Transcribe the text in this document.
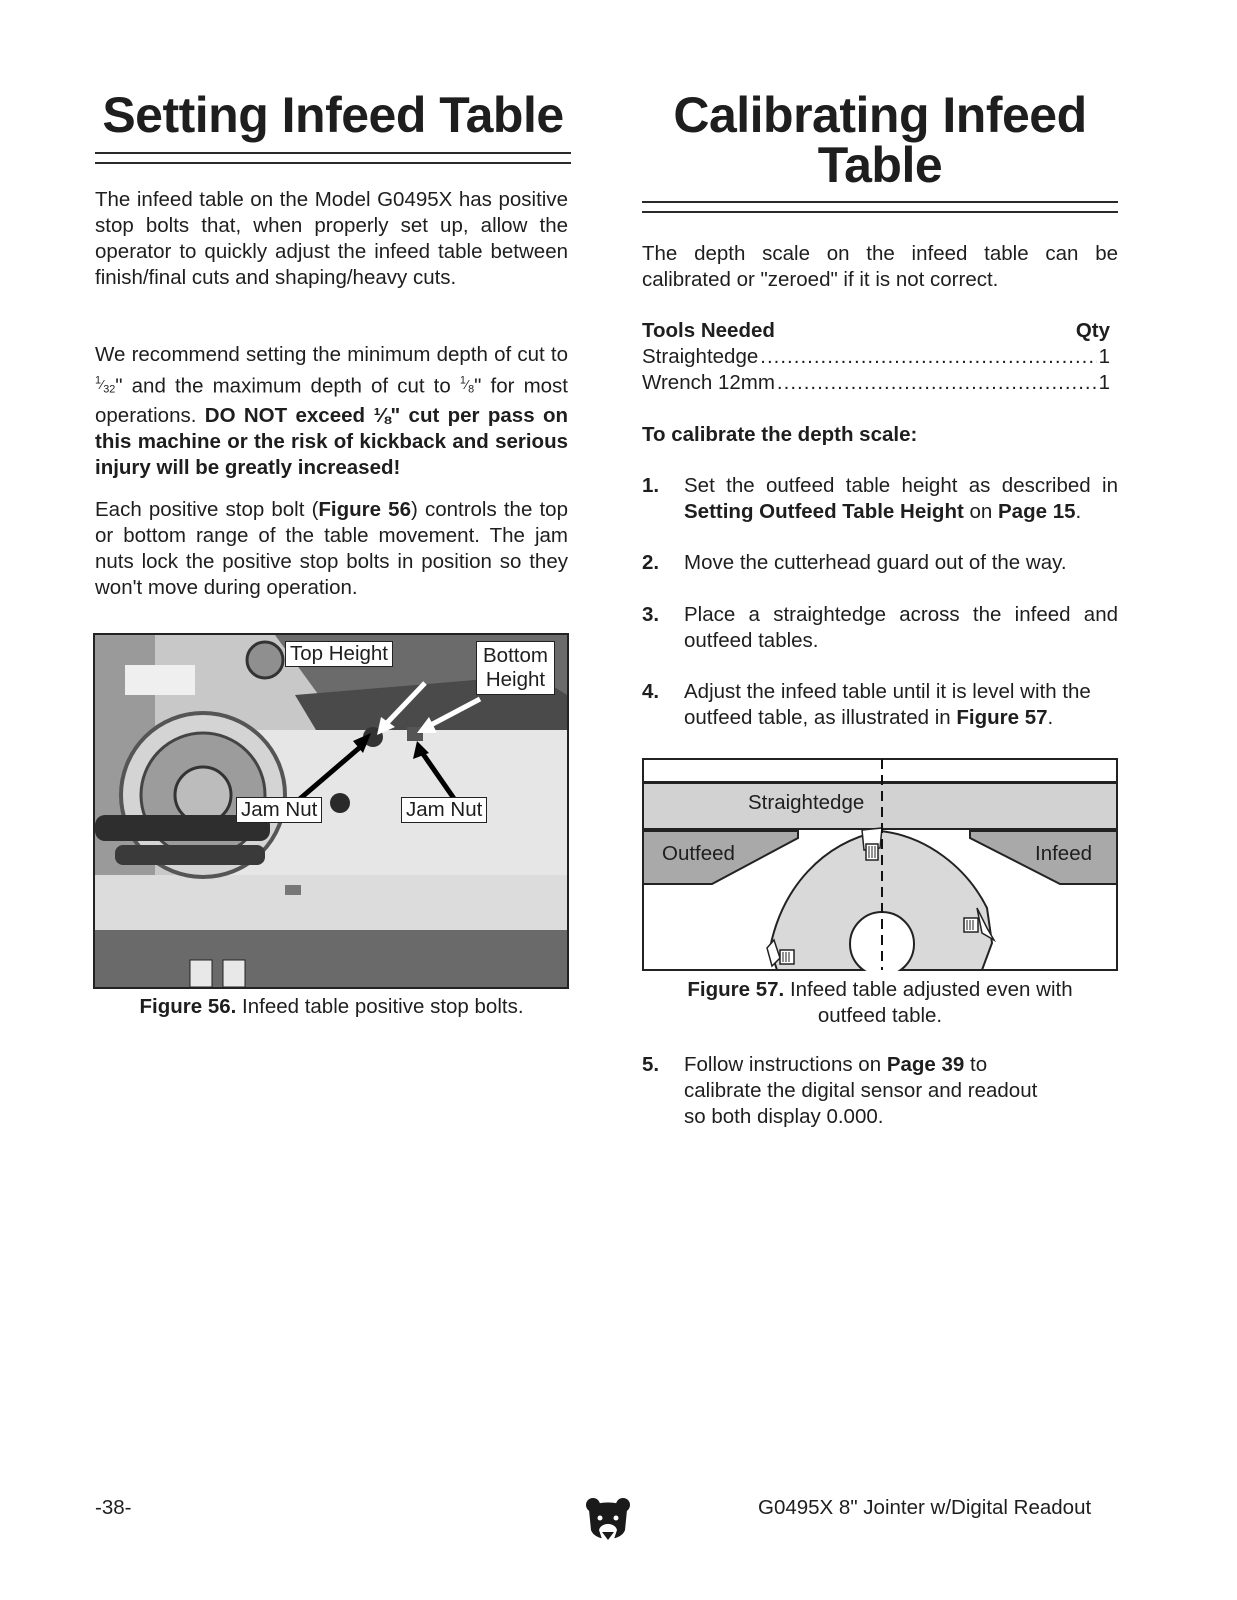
Setting Infeed Table

The infeed table on the Model G0495X has positive stop bolts that, when properly set up, allow the operator to quickly adjust the infeed table between finish/final cuts and shaping/heavy cuts.

We recommend setting the minimum depth of cut to $^1⁄_{32}$" and the maximum depth of cut to $^1⁄_8$" for most operations. DO NOT exceed ⅛" cut per pass on this machine or the risk of kickback and serious injury will be greatly increased!

Each positive stop bolt (Figure 56) controls the top or bottom range of the table movement. The jam nuts lock the positive stop bolts in position so they won't move during operation.

Top Height	Bottom
Height
Jam Nut	Jam Nut

Figure 56. Infeed table positive stop bolts.

Calibrating Infeed
Table

The depth scale on the infeed table can be calibrated or "zeroed" if it is not correct.

Tools Needed	Qty
Straightedge .....	1
Wrench 12mm .....	1

To calibrate the depth scale:

1.	Set the outfeed table height as described in Setting Outfeed Table Height on Page 15.
2.	Move the cutterhead guard out of the way.
3.	Place a straightedge across the infeed and outfeed tables.
4.	Adjust the infeed table until it is level with the outfeed table, as illustrated in Figure 57.
Straightedge
Outfeed	Infeed

Figure 57. Infeed table adjusted even with
outfeed table.

5.	Follow instructions on Page 39 to calibrate the digital sensor and readout so both display 0.000.
-38-	G0495X 8" Jointer w/Digital Readout
